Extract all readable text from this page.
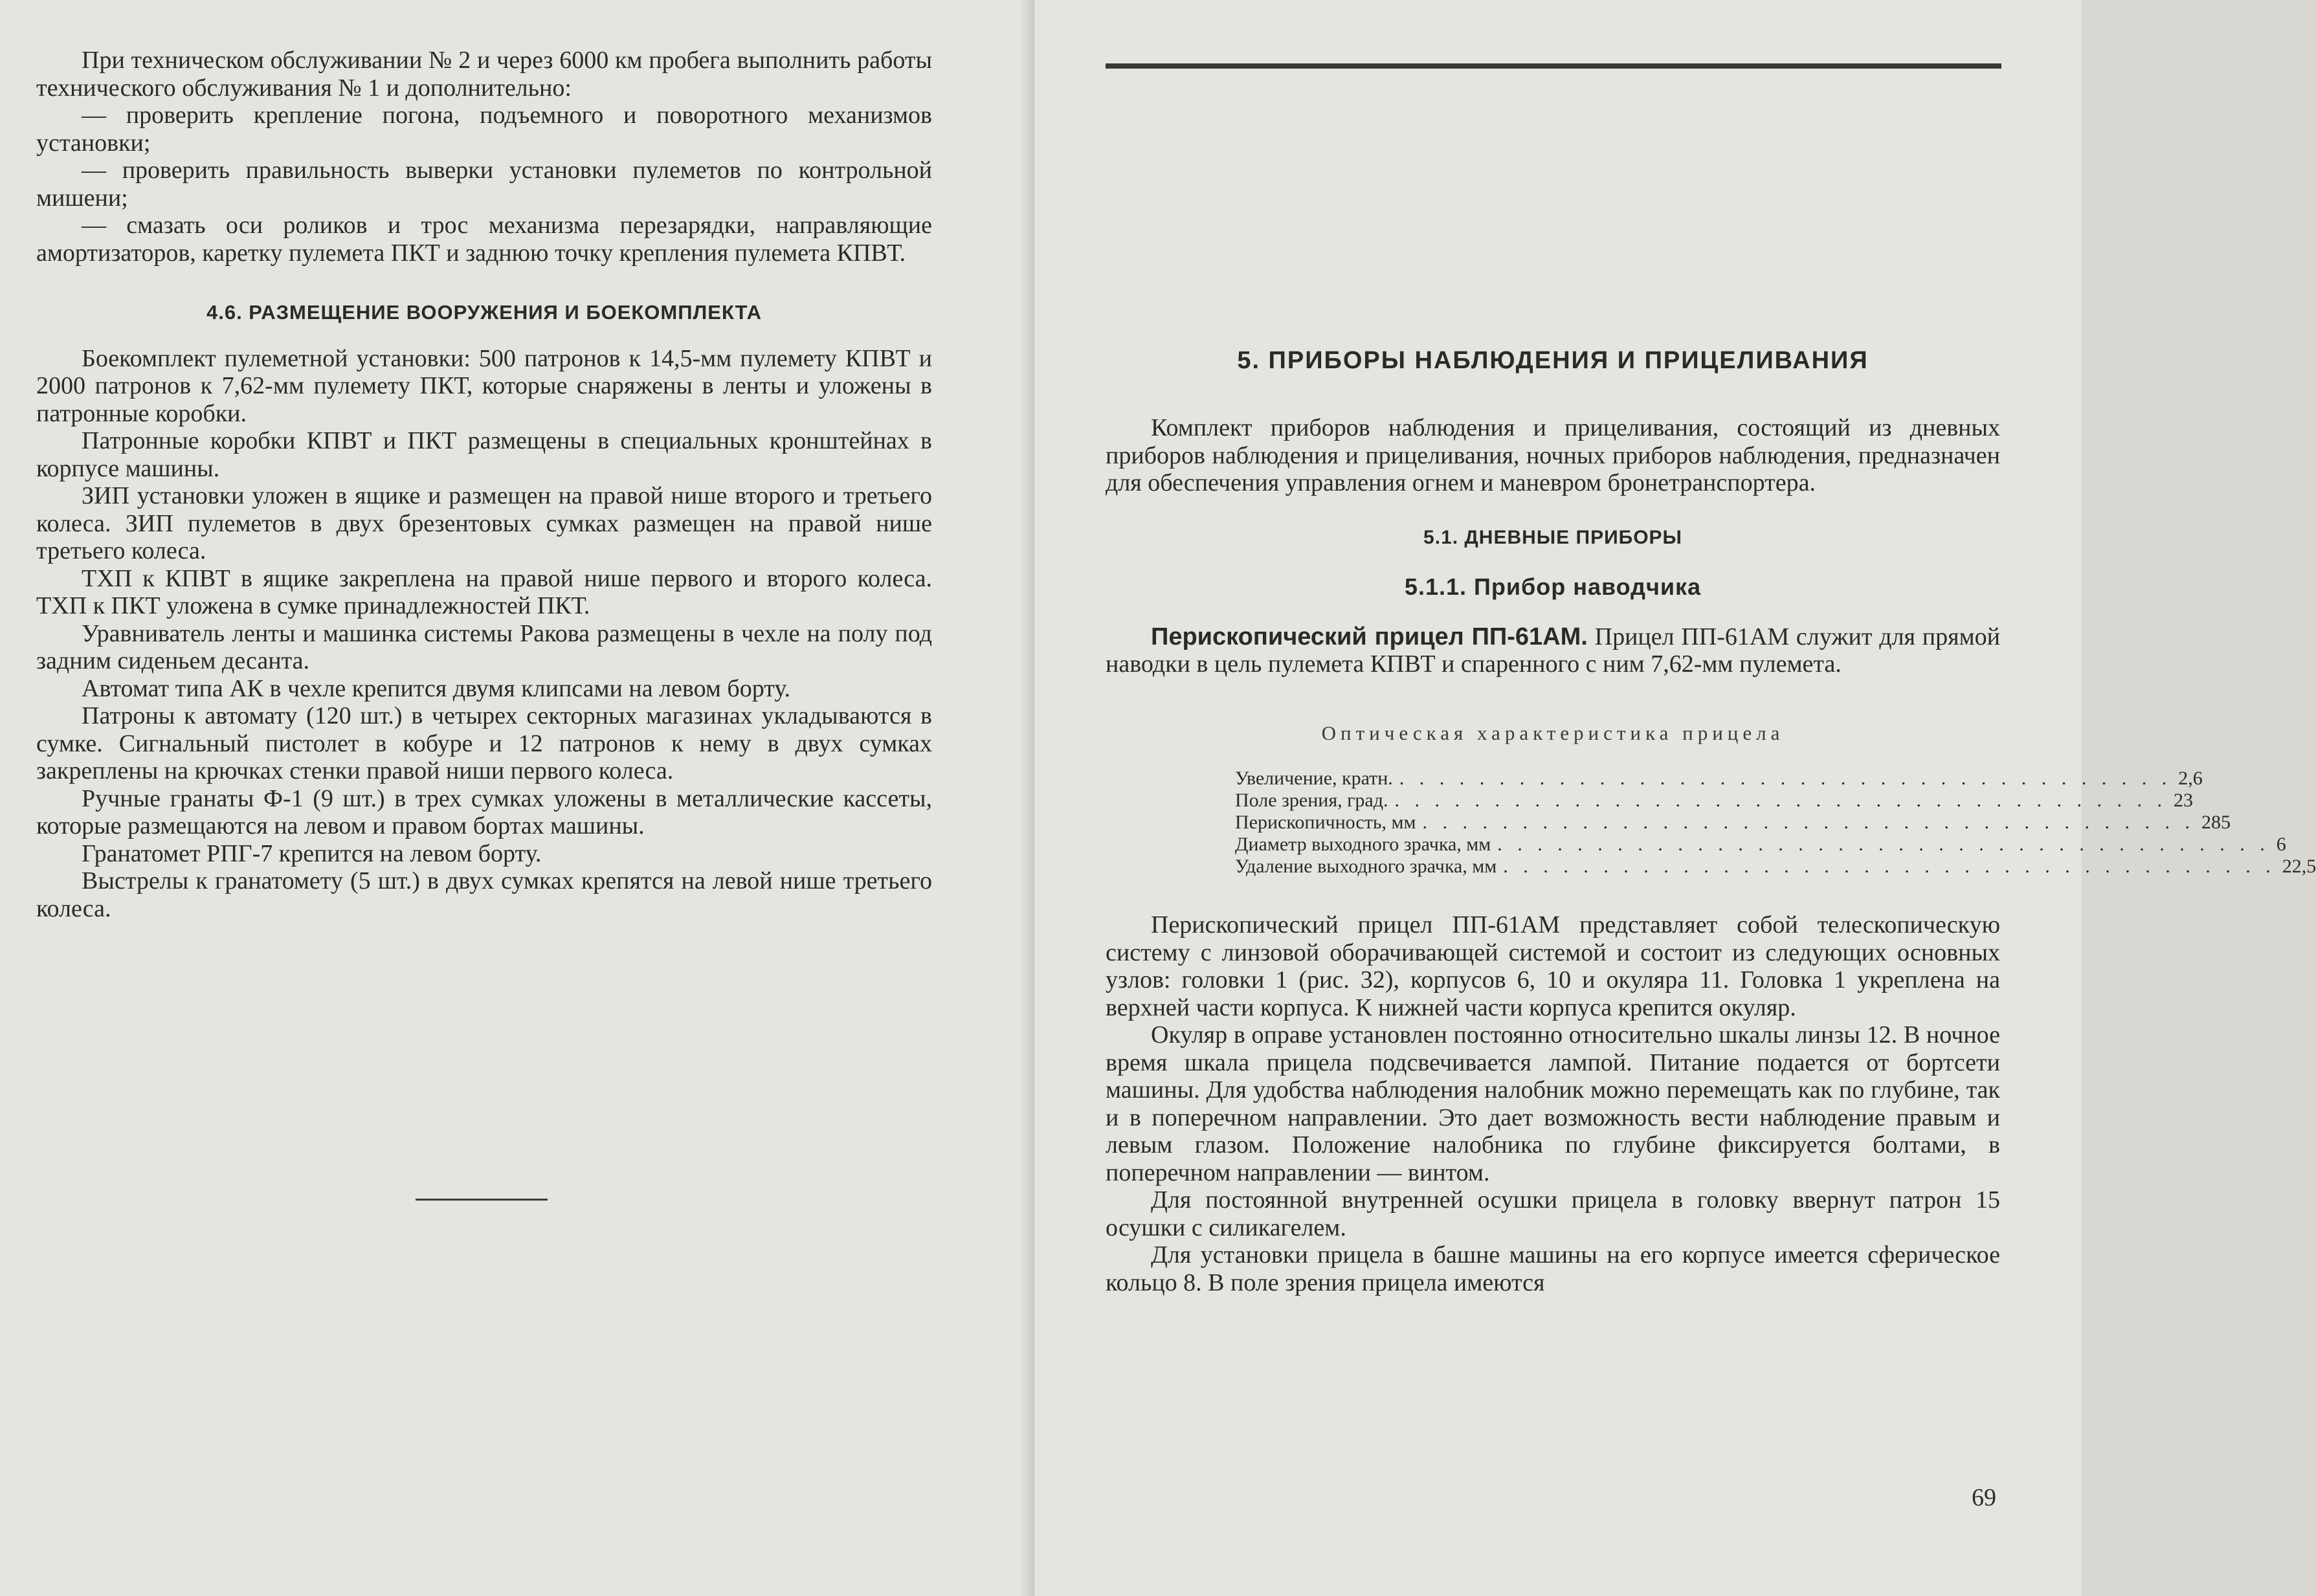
При техническом обслуживании № 2 и через 6000 км пробега выполнить работы технического обслуживания № 1 и дополнительно:

— проверить крепление погона, подъемного и поворотного механизмов установки;

— проверить правильность выверки установки пулеметов по контрольной мишени;

— смазать оси роликов и трос механизма перезарядки, направляющие амортизаторов, каретку пулемета ПКТ и заднюю точку крепления пулемета КПВТ.

4.6. РАЗМЕЩЕНИЕ ВООРУЖЕНИЯ И БОЕКОМПЛЕКТА

Боекомплект пулеметной установки: 500 патронов к 14,5-мм пулемету КПВТ и 2000 патронов к 7,62-мм пулемету ПКТ, которые снаряжены в ленты и уложены в патронные коробки.

Патронные коробки КПВТ и ПКТ размещены в специальных кронштейнах в корпусе машины.

ЗИП установки уложен в ящике и размещен на правой нише второго и третьего колеса. ЗИП пулеметов в двух брезентовых сумках размещен на правой нише третьего колеса.

ТХП к КПВТ в ящике закреплена на правой нише первого и второго колеса. ТХП к ПКТ уложена в сумке принадлежностей ПКТ.

Уравниватель ленты и машинка системы Ракова размещены в чехле на полу под задним сиденьем десанта.

Автомат типа АК в чехле крепится двумя клипсами на левом борту.

Патроны к автомату (120 шт.) в четырех секторных магазинах укладываются в сумке. Сигнальный пистолет в кобуре и 12 патронов к нему в двух сумках закреплены на крючках стенки правой ниши первого колеса.

Ручные гранаты Ф-1 (9 шт.) в трех сумках уложены в металлические кассеты, которые размещаются на левом и правом бортах машины.

Гранатомет РПГ-7 крепится на левом борту.

Выстрелы к гранатомету (5 шт.) в двух сумках крепятся на левой нише третьего колеса.

5. ПРИБОРЫ НАБЛЮДЕНИЯ И ПРИЦЕЛИВАНИЯ

Комплект приборов наблюдения и прицеливания, состоящий из дневных приборов наблюдения и прицеливания, ночных приборов наблюдения, предназначен для обеспечения управления огнем и маневром бронетранспортера.

5.1. ДНЕВНЫЕ ПРИБОРЫ
5.1.1. Прибор наводчика

Перископический прицел ПП-61АМ. Прицел ПП-61АМ служит для прямой наводки в цель пулемета КПВТ и спаренного с ним 7,62-мм пулемета.

Оптическая характеристика прицела
Увеличение, кратн. . . . . . . . . . . . . . . . . . . . . . . . . . . . . . . . . . . . . . . . 2,6
Поле зрения, град. . . . . . . . . . . . . . . . . . . . . . . . . . . . . . . . . . . . . . . . 23
Перископичность, мм . . . . . . . . . . . . . . . . . . . . . . . . . . . . . . . . . . . . . . . 285
Диаметр выходного зрачка, мм . . . . . . . . . . . . . . . . . . . . . . . . . . . . . . . . . . . . . . . 6
Удаление выходного зрачка, мм . . . . . . . . . . . . . . . . . . . . . . . . . . . . . . . . . . . . . . . 22,5

Перископический прицел ПП-61АМ представляет собой телескопическую систему с линзовой оборачивающей системой и состоит из следующих основных узлов: головки 1 (рис. 32), корпусов 6, 10 и окуляра 11. Головка 1 укреплена на верхней части корпуса. К нижней части корпуса крепится окуляр.

Окуляр в оправе установлен постоянно относительно шкалы линзы 12. В ночное время шкала прицела подсвечивается лампой. Питание подается от бортсети машины. Для удобства наблюдения налобник можно перемещать как по глубине, так и в поперечном направлении. Это дает возможность вести наблюдение правым и левым глазом. Положение налобника по глубине фиксируется болтами, в поперечном направлении — винтом.

Для постоянной внутренней осушки прицела в головку ввернут патрон 15 осушки с силикагелем.

Для установки прицела в башне машины на его корпусе имеется сферическое кольцо 8. В поле зрения прицела имеются

69
